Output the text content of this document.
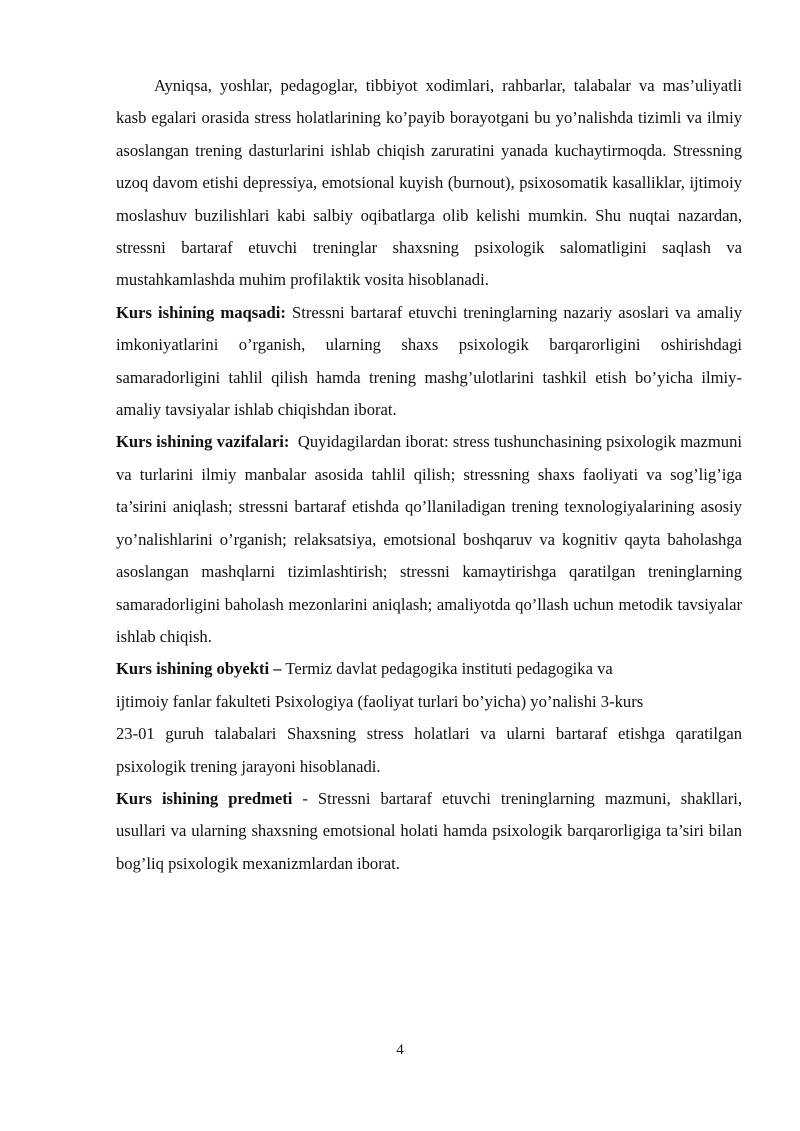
Ayniqsa, yoshlar, pedagoglar, tibbiyot xodimlari, rahbarlar, talabalar va mas’uliyatli kasb egalari orasida stress holatlarining ko’payib borayotgani bu yo’nalishda tizimli va ilmiy asoslangan trening dasturlarini ishlab chiqish zaruratini yanada kuchaytirmoqda. Stressning uzoq davom etishi depressiya, emotsional kuyish (burnout), psixosomatik kasalliklar, ijtimoiy moslashuv buzilishlari kabi salbiy oqibatlarga olib kelishi mumkin. Shu nuqtai nazardan, stressni bartaraf etuvchi treninglar shaxsning psixologik salomatligini saqlash va mustahkamlashda muhim profilaktik vosita hisoblanadi.

Kurs ishining maqsadi: Stressni bartaraf etuvchi treninglarning nazariy asoslari va amaliy imkoniyatlarini o’rganish, ularning shaxs psixologik barqarorligini oshirishdagi samaradorligini tahlil qilish hamda trening mashg’ulotlarini tashkil etish bo’yicha ilmiy-amaliy tavsiyalar ishlab chiqishdan iborat.

Kurs ishining vazifalari:  Quyidagilardan iborat: stress tushunchasining psixologik mazmuni va turlarini ilmiy manbalar asosida tahlil qilish; stressning shaxs faoliyati va sog’lig’iga ta’sirini aniqlash; stressni bartaraf etishda qo’llaniladigan trening texnologiyalarining asosiy yo’nalishlarini o’rganish; relaksatsiya, emotsional boshqaruv va kognitiv qayta baholashga asoslangan mashqlarni tizimlashtirish; stressni kamaytirishga qaratilgan treninglarning samaradorligini baholash mezonlarini aniqlash; amaliyotda qo’llash uchun metodik tavsiyalar ishlab chiqish.

Kurs ishining obyekti – Termiz davlat pedagogika instituti pedagogika va

ijtimoiy fanlar fakulteti Psixologiya (faoliyat turlari bo’yicha) yo’nalishi 3-kurs
23-01 guruh talabalari Shaxsning stress holatlari va ularni bartaraf etishga qaratilgan psixologik trening jarayoni hisoblanadi.

Kurs ishining predmeti - Stressni bartaraf etuvchi treninglarning mazmuni, shakllari, usullari va ularning shaxsning emotsional holati hamda psixologik barqarorligiga ta’siri bilan bog’liq psixologik mexanizmlardan iborat.

4
